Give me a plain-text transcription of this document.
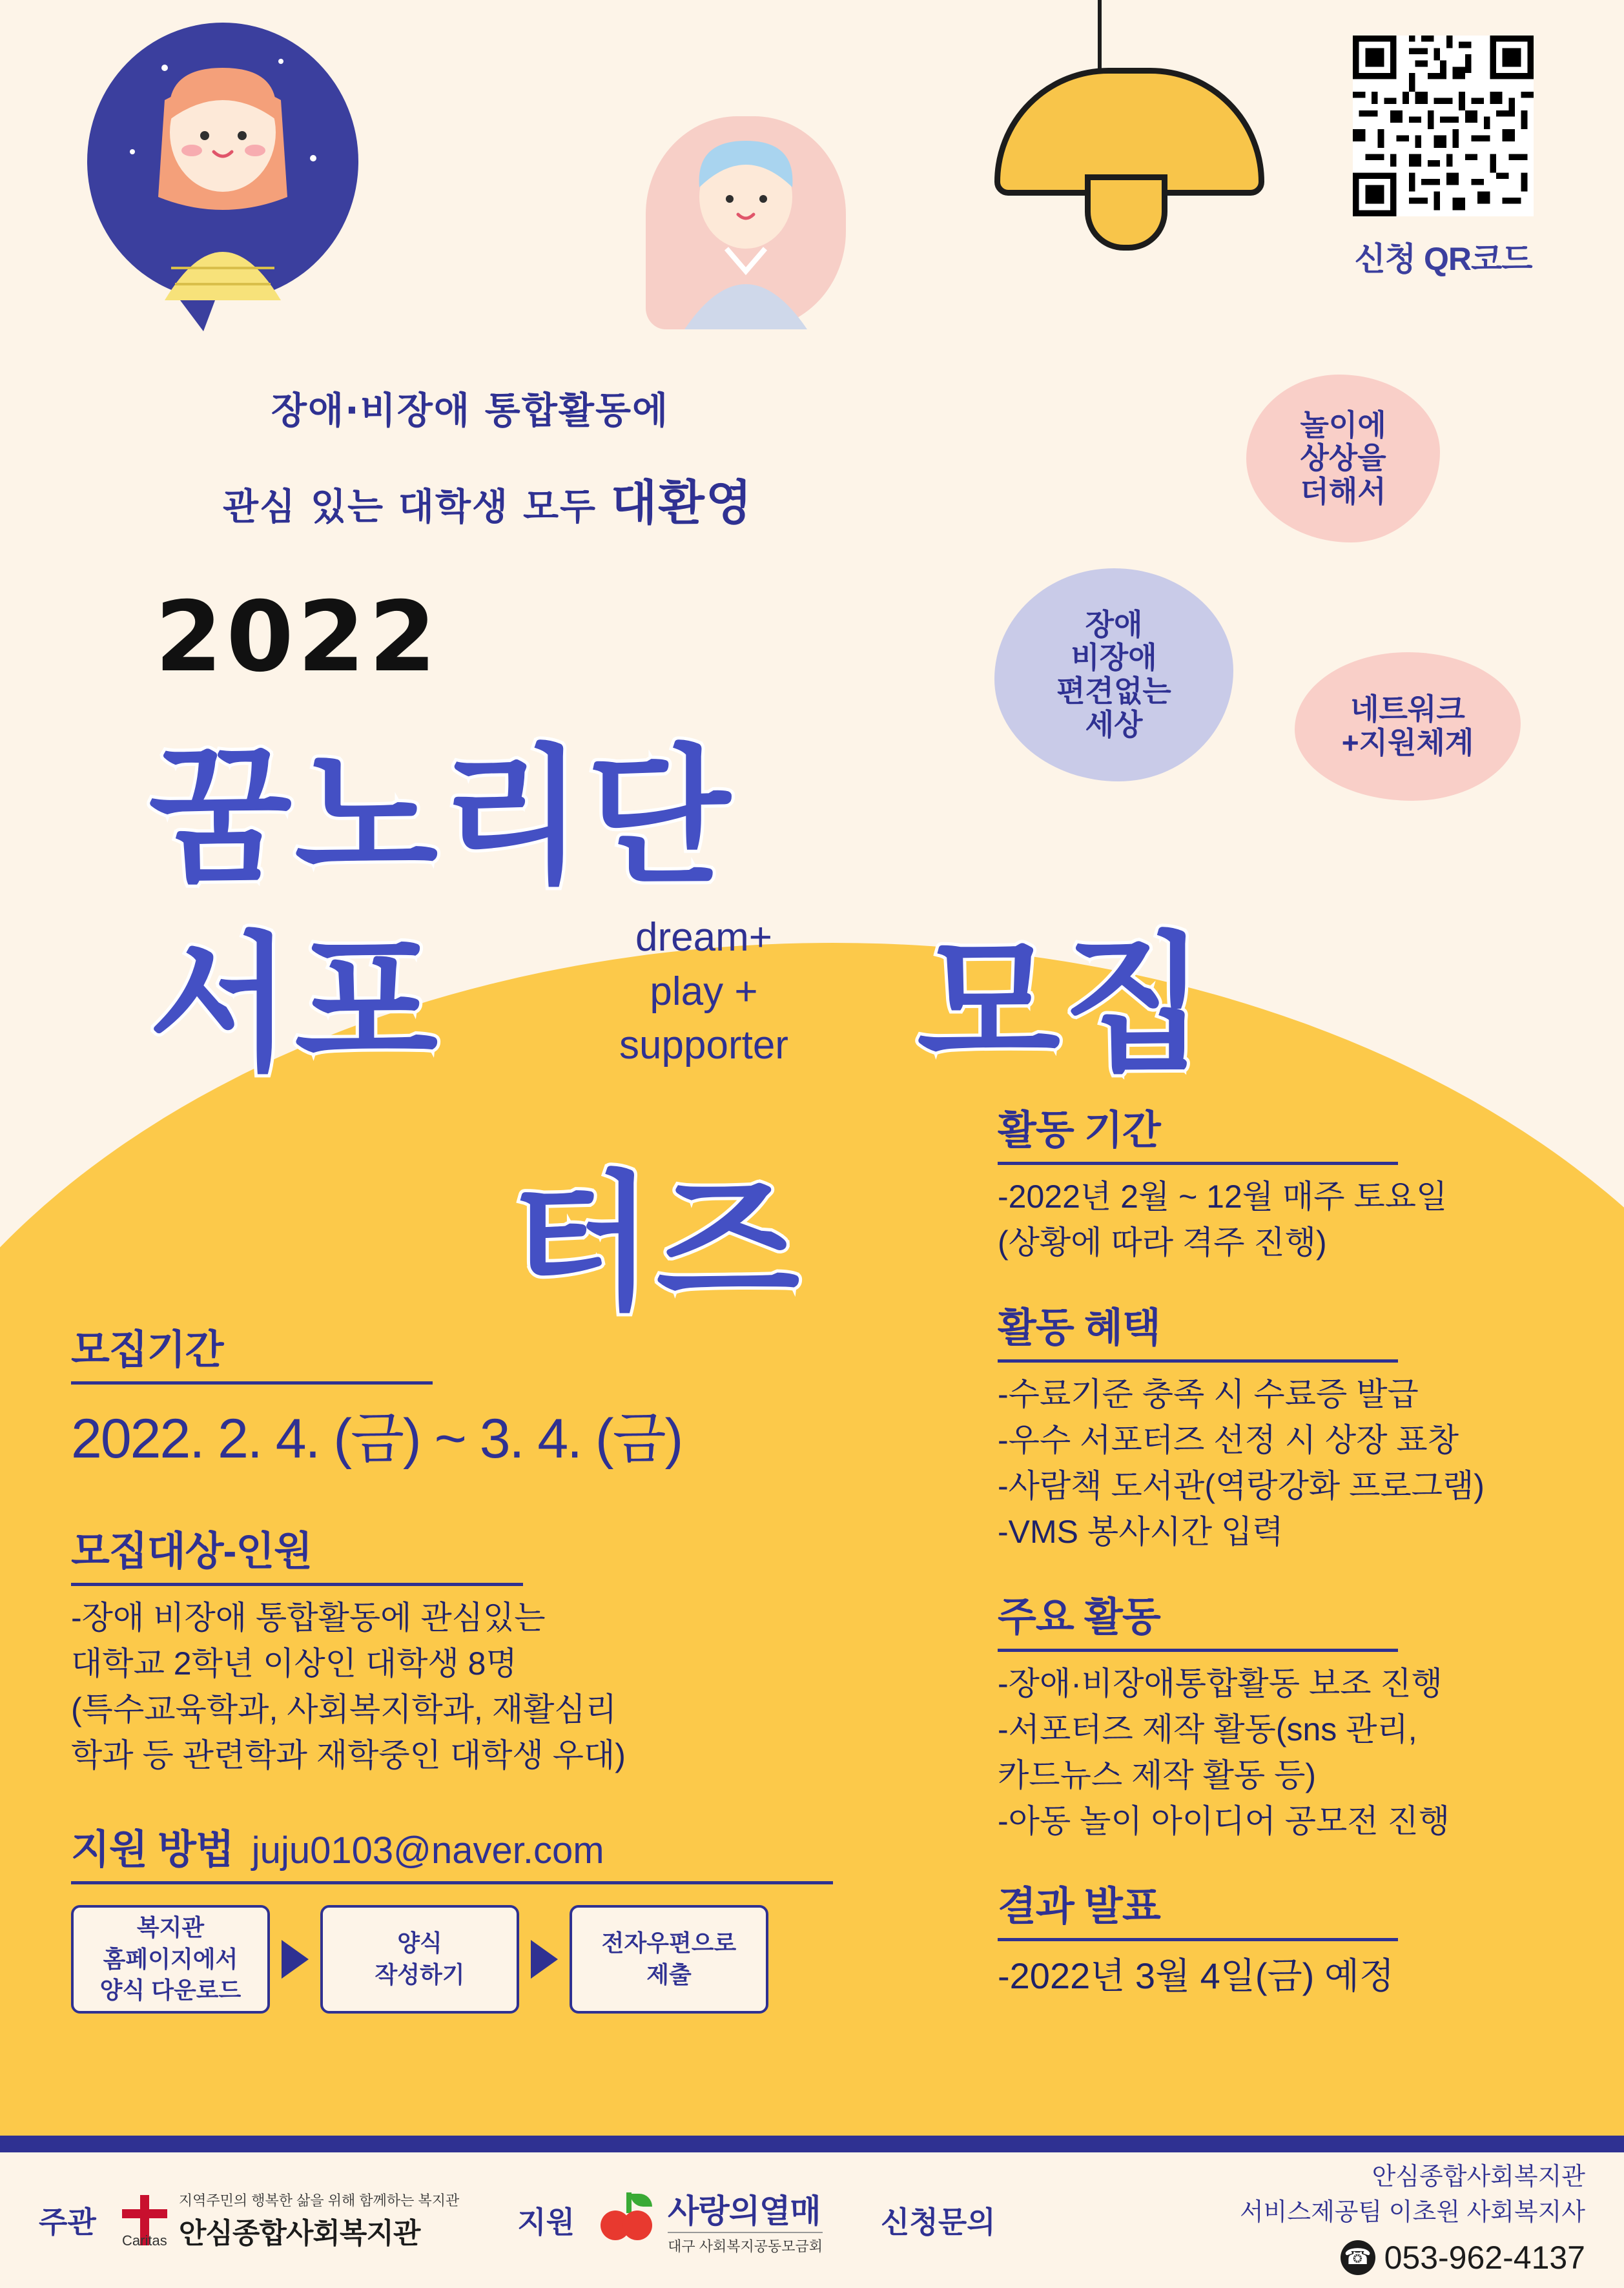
신청 QR코드
장애·비장애 통합활동에
관심 있는 대학생 모두 대환영
놀이에
상상을
더해서
장애
비장애
편견없는
세상	네트워크
+지원체계
2022
꿈노리단
서포	모집
터즈
dream+
play +
supporter
모집기간
2022. 2. 4. (금) ~ 3. 4. (금)
모집대상-인원
-장애 비장애 통합활동에 관심있는
대학교 2학년 이상인 대학생 8명
(특수교육학과, 사회복지학과, 재활심리
학과 등 관련학과 재학중인 대학생 우대)
지원 방법 juju0103@naver.com
복지관
홈페이지에서
양식 다운로드
양식
작성하기
전자우편으로
제출
활동 기간
-2022년 2월 ~ 12월 매주 토요일
(상황에 따라 격주 진행)
활동 혜택
-수료기준 충족 시 수료증 발급
-우수 서포터즈 선정 시 상장 표창
-사람책 도서관(역랑강화 프로그램)
-VMS 봉사시간 입력
주요 활동
-장애·비장애통합활동 보조 진행
-서포터즈 제작 활동(sns 관리,
카드뉴스 제작 활동 등)
-아동 놀이 아이디어 공모전 진행
결과 발표
-2022년 3월 4일(금) 예정
주관
Caritas
지역주민의 행복한 삶을 위해 함께하는 복지관
안심종합사회복지관	지원	사랑의열매
대구 사회복지공동모금회
신청문의
안심종합사회복지관
서비스제공팀 이초원 사회복지사
☎ 053-962-4137
